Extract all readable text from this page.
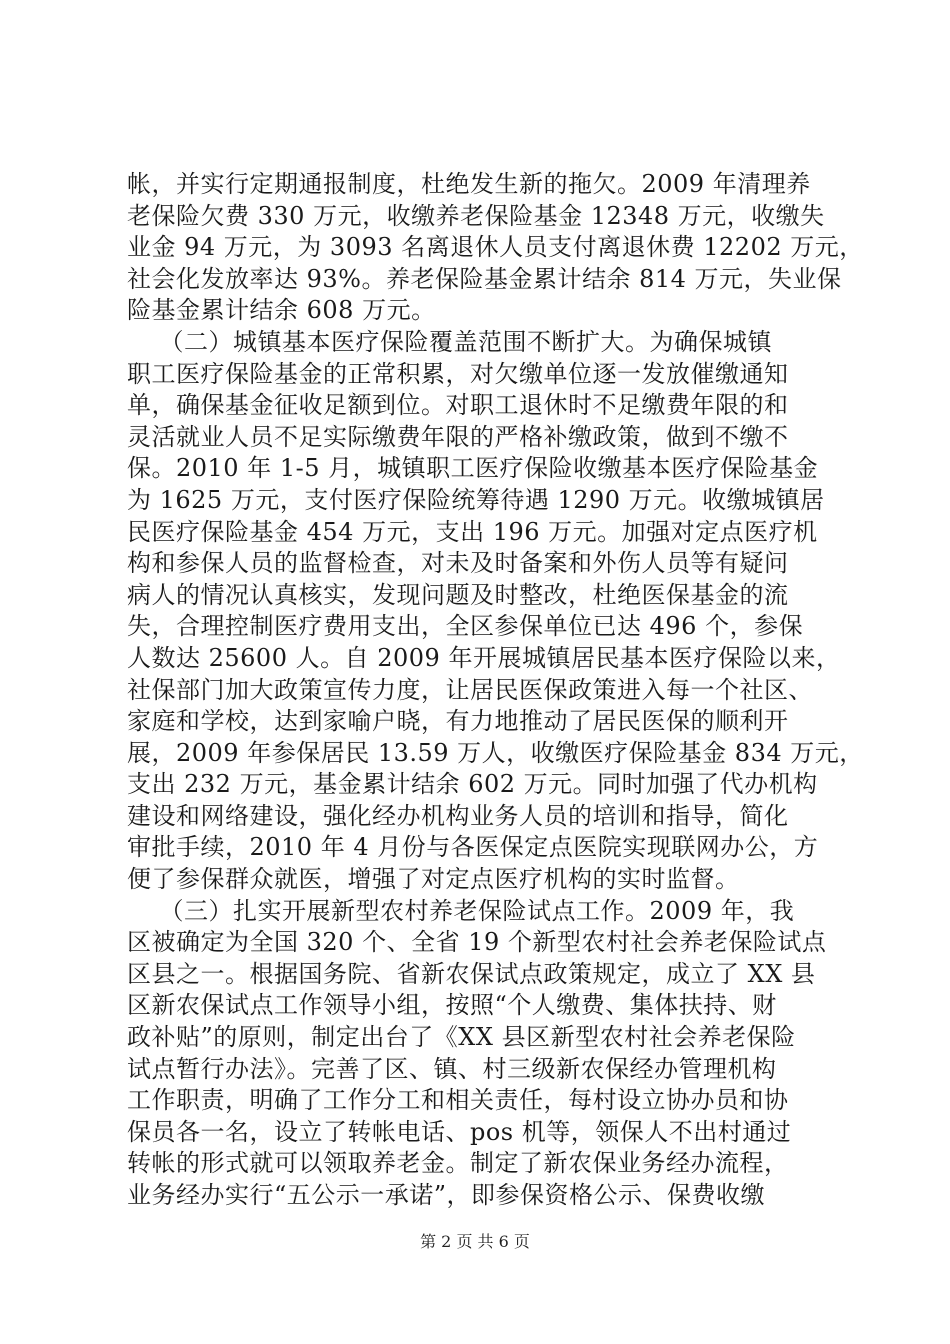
帐，并实行定期通报制度，杜绝发生新的拖欠。2009 年清理养
老保险欠费 330 万元，收缴养老保险基金 12348 万元，收缴失
业金 94 万元，为 3093 名离退休人员支付离退休费 12202 万元，
社会化发放率达 93%。养老保险基金累计结余 814 万元，失业保
险基金累计结余 608 万元。
（二）城镇基本医疗保险覆盖范围不断扩大。为确保城镇
职工医疗保险基金的正常积累，对欠缴单位逐一发放催缴通知
单，确保基金征收足额到位。对职工退休时不足缴费年限的和
灵活就业人员不足实际缴费年限的严格补缴政策，做到不缴不
保。2010 年 1-5 月，城镇职工医疗保险收缴基本医疗保险基金
为 1625 万元，支付医疗保险统筹待遇 1290 万元。收缴城镇居
民医疗保险基金 454 万元，支出 196 万元。加强对定点医疗机
构和参保人员的监督检查，对未及时备案和外伤人员等有疑问
病人的情况认真核实，发现问题及时整改，杜绝医保基金的流
失，合理控制医疗费用支出，全区参保单位已达 496 个，参保
人数达 25600 人。自 2009 年开展城镇居民基本医疗保险以来，
社保部门加大政策宣传力度，让居民医保政策进入每一个社区、
家庭和学校，达到家喻户晓，有力地推动了居民医保的顺利开
展，2009 年参保居民 13.59 万人，收缴医疗保险基金 834 万元，
支出 232 万元，基金累计结余 602 万元。同时加强了代办机构
建设和网络建设，强化经办机构业务人员的培训和指导，简化
审批手续，2010 年 4 月份与各医保定点医院实现联网办公，方
便了参保群众就医，增强了对定点医疗机构的实时监督。
（三）扎实开展新型农村养老保险试点工作。2009 年，我
区被确定为全国 320 个、全省 19 个新型农村社会养老保险试点
区县之一。根据国务院、省新农保试点政策规定，成立了 XX 县
区新农保试点工作领导小组，按照“个人缴费、集体扶持、财
政补贴”的原则，制定出台了《XX 县区新型农村社会养老保险
试点暂行办法》。完善了区、镇、村三级新农保经办管理机构
工作职责，明确了工作分工和相关责任，每村设立协办员和协
保员各一名，设立了转帐电话、pos 机等，领保人不出村通过
转帐的形式就可以领取养老金。制定了新农保业务经办流程，
业务经办实行“五公示一承诺”，即参保资格公示、保费收缴
第 2 页 共 6 页
